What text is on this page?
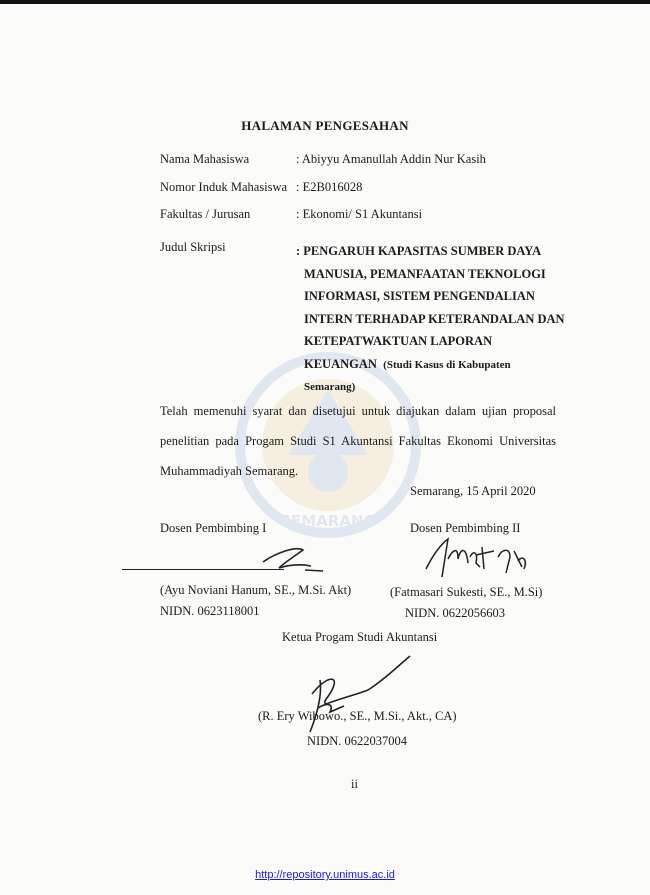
SEMARANG
HALAMAN PENGESAHAN
Nama Mahasiswa	: Abiyyu Amanullah Addin Nur Kasih
Nomor Induk Mahasiswa : E2B016028
Fakultas / Jurusan	: Ekonomi/ S1 Akuntansi
Judul Skripsi	: PENGARUH KAPASITAS SUMBER DAYA
MANUSIA, PEMANFAATAN TEKNOLOGI
INFORMASI, SISTEM PENGENDALIAN
INTERN TERHADAP KETERANDALAN DAN
KETEPATWAKTUAN LAPORAN
KEUANGAN (Studi Kasus di Kabupaten
Semarang)
Telah memenuhi syarat dan disetujui untuk diajukan dalam ujian proposal penelitian pada Progam Studi S1 Akuntansi Fakultas Ekonomi Universitas Muhammadiyah Semarang.
Semarang, 15 April 2020
Dosen Pembimbing I	Dosen Pembimbing II
(Ayu Noviani Hanum, SE., M.Si. Akt)	(Fatmasari Sukesti, SE., M.Si)
NIDN. 0623118001	NIDN. 0622056603
Ketua Progam Studi Akuntansi
(R. Ery Wibowo., SE., M.Si., Akt., CA)
NIDN. 0622037004
ii
http://repository.unimus.ac.id
